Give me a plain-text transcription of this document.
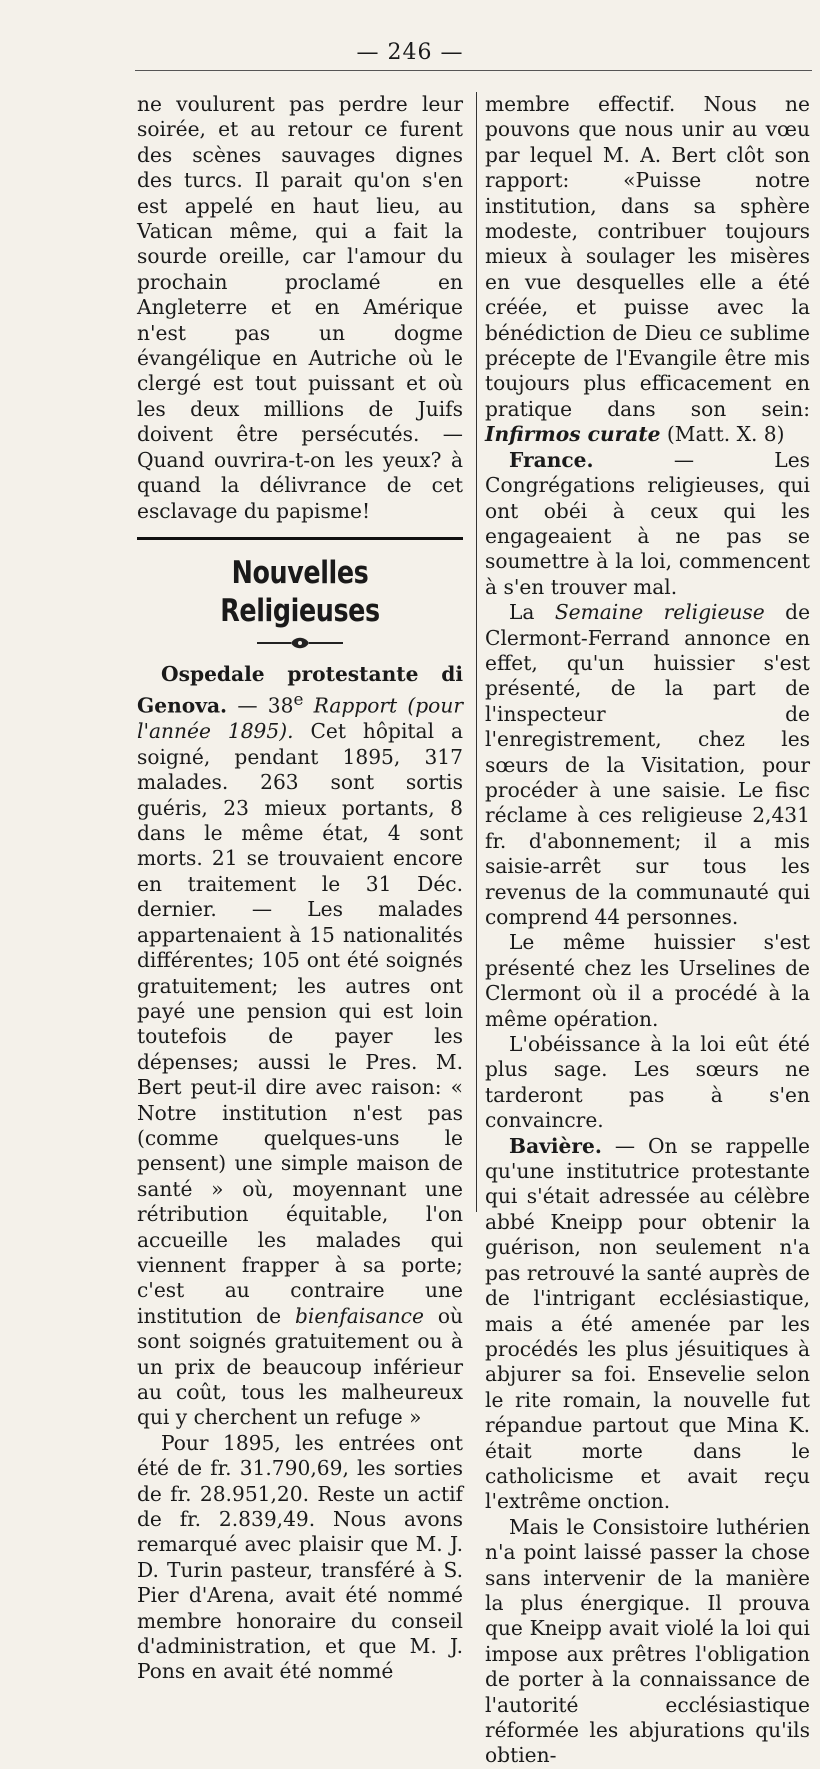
— 246 —

ne voulurent pas perdre leur soirée, et au retour ce furent des scènes sauvages dignes des turcs. Il parait qu'on s'en est appelé en haut lieu, au Vatican même, qui a fait la sourde oreille, car l'amour du prochain proclamé en Angleterre et en Amérique n'est pas un dogme évangélique en Autriche où le clergé est tout puissant et où les deux millions de Juifs doivent être persécutés. — Quand ouvrira-t-on les yeux? à quand la délivrance de cet esclavage du papisme!

Nouvelles Religieuses

Ospedale protestante di Genova. — 38e Rapport (pour l'année 1895). Cet hôpital a soigné, pendant 1895, 317 malades. 263 sont sortis guéris, 23 mieux portants, 8 dans le même état, 4 sont morts. 21 se trouvaient encore en traitement le 31 Déc. dernier. — Les malades appartenaient à 15 nationalités différentes; 105 ont été soignés gratuitement; les autres ont payé une pension qui est loin toutefois de payer les dépenses; aussi le Pres. M. Bert peut-il dire avec raison: « Notre institution n'est pas (comme quelques-uns le pensent) une simple maison de santé » où, moyennant une rétribution équitable, l'on accueille les malades qui viennent frapper à sa porte; c'est au contraire une institution de bienfaisance où sont soignés gratuitement ou à un prix de beaucoup inférieur au coût, tous les malheureux qui y cherchent un refuge »

Pour 1895, les entrées ont été de fr. 31.790,69, les sorties de fr. 28.951,20. Reste un actif de fr. 2.839,49. Nous avons remarqué avec plaisir que M. J. D. Turin pasteur, transféré à S. Pier d'Arena, avait été nommé membre honoraire du conseil d'administration, et que M. J. Pons en avait été nommé

membre effectif. Nous ne pouvons que nous unir au vœu par lequel M. A. Bert clôt son rapport: «Puisse notre institution, dans sa sphère modeste, contribuer toujours mieux à soulager les misères en vue desquelles elle a été créée, et puisse avec la bénédiction de Dieu ce sublime précepte de l'Evangile être mis toujours plus efficacement en pratique dans son sein: Infirmos curate (Matt. X. 8)

France. — Les Congrégations religieuses, qui ont obéi à ceux qui les engageaient à ne pas se soumettre à la loi, commencent à s'en trouver mal.

La Semaine religieuse de Clermont-Ferrand annonce en effet, qu'un huissier s'est présenté, de la part de l'inspecteur de l'enregistrement, chez les sœurs de la Visitation, pour procéder à une saisie. Le fisc réclame à ces religieuse 2,431 fr. d'abonnement; il a mis saisie-arrêt sur tous les revenus de la communauté qui comprend 44 personnes.

Le même huissier s'est présenté chez les Urselines de Clermont où il a procédé à la même opération.

L'obéissance à la loi eût été plus sage. Les sœurs ne tarderont pas à s'en convaincre.

Bavière. — On se rappelle qu'une institutrice protestante qui s'était adressée au célèbre abbé Kneipp pour obtenir la guérison, non seulement n'a pas retrouvé la santé auprès de de l'intrigant ecclésiastique, mais a été amenée par les procédés les plus jésuitiques à abjurer sa foi. Ensevelie selon le rite romain, la nouvelle fut répandue partout que Mina K. était morte dans le catholicisme et avait reçu l'extrême onction.

Mais le Consistoire luthérien n'a point laissé passer la chose sans intervenir de la manière la plus énergique. Il prouva que Kneipp avait violé la loi qui impose aux prêtres l'obligation de porter à la connaissance de l'autorité ecclésiastique réformée les abjurations qu'ils obtien-
